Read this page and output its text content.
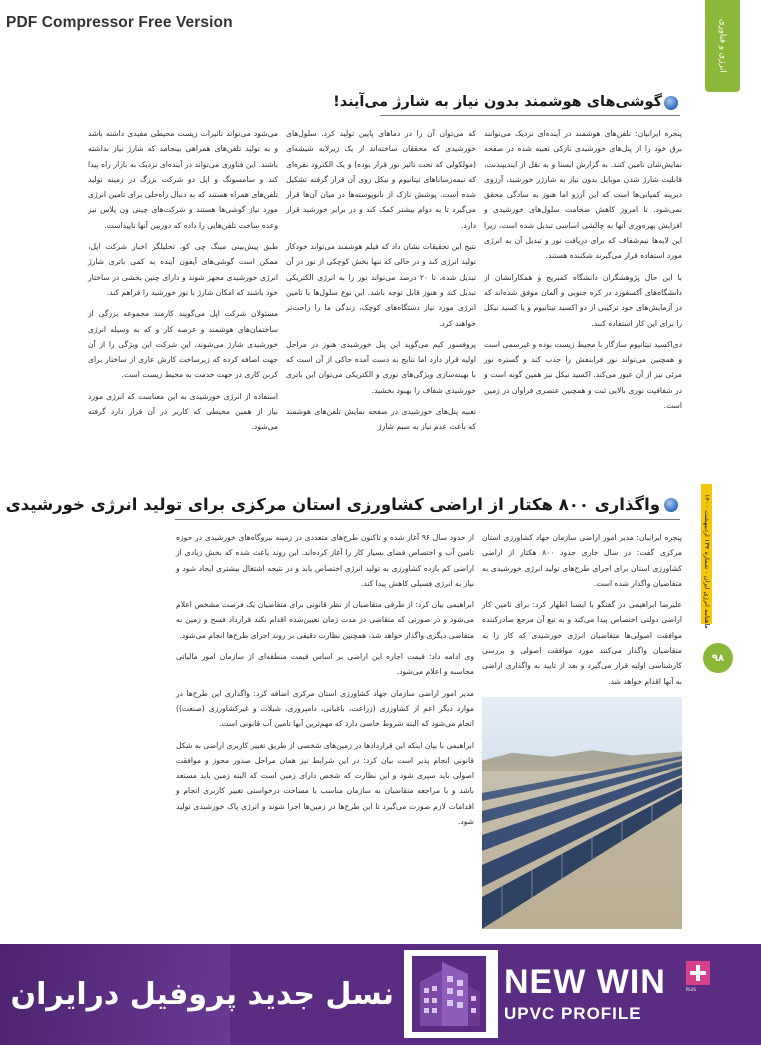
PDF Compressor Free Version	انرژی و فناوری
ماهنامه انرژی ایران - شماره ۱۳۴ اردیبهشت ۱۴۰۰
۹۸
گوشی‌های هوشمند بدون نیاز به شارژ می‌آیند!

پنجره ایرانیان: تلفن‌های هوشمند در آینده‌ای نزدیک می‌توانند برق خود را از پنل‌های خورشیدی نازکی تعبیه شده در صفحه نمایش‌شان تامین کنند. به گزارش ایسنا و به نقل از ایندیپندنت، قابلیت شارژ شدن موبایل بدون نیاز به شارژر خورشید، آرزوی دیرینه کمپانی‌ها است که این آرزو اما هنوز به سادگی محقق نمی‌شود. تا امروز کاهش ضخامت سلول‌های خورشیدی و افزایش بهره‌وری آنها به چالشی اساسی تبدیل شده است، زیرا این لایه‌ها نیم‌شفاف که برای دریافت نور و تبدیل آن به انرژی مورد استفاده قرار می‌گیرند شکننده هستند.

با این حال پژوهشگران دانشگاه کمبریج و همکارانشان از دانشگاه‌های آکسفورد در کره جنوبی و آلمان موفق شده‌اند که در آزمایش‌های خود ترکیبی از دو اکسید تیتانیوم و یا کسید نیکل را برای این کار استفاده کنند.

دی‌اکسید تیتانیوم سازگار با محیط زیست بوده و غیرسمی است و همچنین می‌تواند نور فرابنفش را جذب کند و گستره نور مرئی نیز از آن عبور می‌کند. اکسید نیکل نیز همین گونه است و در شفافیت نوری بالایی ثبت و همچنین عنصری فراوان در زمین است.

که می‌توان آن را در دماهای پایین تولید کرد. سلول‌های خورشیدی که محققان ساخته‌اند از یک زیرلایه شیشه‌ای (مولکولی که تحت تاثیر نور قرار بوده) و یک الکترود نقره‌ای که نیمه‌رسانا‌های تیتانیوم و نیکل روی آن قرار گرفته تشکیل شده است. پوشش نازک از نانوپوسته‌ها در میان آن‌ها قرار می‌گیرد تا به دوام بیشتر کمک کند و در برابر خورشید قرار دارد.

نتیج این تحقیقات نشان داد که فیلم هوشمند می‌تواند خودکار تولید انرژی کند و در حالی که تنها بخش کوچکی از نور در آن تبدیل شده، تا ۲۰ درصد می‌تواند نور را به انرژی الکتریکی تبدیل کند و هنوز قابل توجه باشد. این نوع سلول‌ها با تامین انرژی مورد نیاز دستگاه‌های کوچک، زندگی ما را راحت‌تر خواهند کرد.

پروفسور کیم می‌گوید این پنل خورشیدی هنوز در مراحل اولیه قرار دارد اما نتایج به دست آمده حاکی از آن است که با بهینه‌سازی ویژگی‌های نوری و الکتریکی می‌توان این باتری خورشیدی شفاف را بهبود بخشید.

تعبیه پنل‌های خورشیدی در صفحه نمایش تلفن‌های هوشمند که باعث عدم نیاز به سیم شارژ

می‌شود می‌تواند تاثیرات زیست محیطی مفیدی داشته باشد و به تولید تلفن‌های همراهی بینجامد که شارژ نیاز نداشته باشند. این فناوری می‌تواند در آینده‌ای نزدیک به بازار راه پیدا کند و سامسونگ و اپل دو شرکت بزرگ در زمینه تولید تلفن‌های همراه هستند که به دنبال راه‌حلی برای تامین انرژی مورد نیاز گوشی‌ها هستند و شرکت‌های چینی ون پلاس نیز وعده ساخت تلفن‌هایی را داده که دوربین آنها ناپیداست.

طبق پیش‌بینی مینگ چی کو، تحلیلگر اخبار شرکت اپل، ممکن است گوشی‌های آیفون آینده به کمی باتری شارژ انرژی خورشیدی مجهز شوند و دارای چنین بخشی در ساختار خود باشند که امکان شارژ با نور خورشید را فراهم کند.

مسئولان شرکت اپل می‌گویند کارمند مجموعه بزرگی از ساختمان‌های هوشمند و عرصه کار و که به وسیله انرژی خورشیدی شارژ می‌شوند، این شرکت این ویژگی را از آن جهت اضافه کرده که زیرساخت کارش عاری از ساختار برای کربن کاری در جهت خدمت به محیط زیست است.

استفاده از انرژی خورشیدی به این معناست که انرژی مورد نیاز از همین محیطی که کاربر در آن قرار دارد گرفته می‌شود.

واگذاری ۸۰۰ هکتار از اراضی کشاورزی استان مرکزی برای تولید انرژی خورشیدی

پنجره ایرانیان: مدیر امور اراضی سازمان جهاد کشاورزی استان مرکزی گفت: در سال جاری حدود ۸۰۰ هکتار از اراضی کشاورزی استان برای اجرای طرح‌های تولید انرژی خورشیدی به متقاضیان واگذار شده است.

علیرضا ابراهیمی در گفتگو با ایسنا اظهار کرد: برای تامین کار اراضی دولتی اختصاص پیدا می‌کند و به تبع آن مرجع صادرکننده موافقت اصولی‌ها متقاضیان انرژی خورشیدی که کار را به متقاضیان واگذار می‌کنند مورد موافقت اصولی و بررسی کارشناسی اولیه قرار می‌گیرد و بعد از تایید به واگذاری اراضی به آنها اقدام خواهد شد.

از حدود سال ۹۶ آغاز شده و تاکنون طرح‌های متعددی در زمینه نیروگاه‌های خورشیدی در حوزه تامین آب و اختصاص فضای بسیار کار را آغاز کرده‌اند. این روند باعث شده که بخش زیادی از اراضی کم بازده کشاورزی به تولید انرژی اختصاص یابد و در نتیجه اشتغال بیشتری ایجاد شود و نیاز به انرژی فسیلی کاهش پیدا کند.

ابراهیمی بیان کرد: از طرفی متقاضیان از نظر قانونی برای متقاضیان یک فرصت مشخص اعلام می‌شود و در صورتی که متقاضی در مدت زمان تعیین‌شده اقدام نکند قرارداد فسخ و زمین به متقاضی دیگری واگذار خواهد شد، همچنین نظارت دقیقی بر روند اجرای طرح‌ها انجام می‌شود.

وی ادامه داد: قیمت اجاره این اراضی بر اساس قیمت منطقه‌ای از سازمان امور مالیاتی محاسبه و اعلام می‌شود.

مدیر امور اراضی سازمان جهاد کشاورزی استان مرکزی اضافه کرد: واگذاری این طرح‌ها در موارد دیگر اعم از کشاورزی (زراعت، باغبانی، دامپروری، شیلات و غیرکشاورزی (صنعت)) انجام می‌شود که البته شروط خاصی دارد که مهم‌ترین آنها تامین آب قانونی است.

ابراهیمی با بیان اینکه این قراردادها در زمین‌های شخصی از طریق تغییر کاربری اراضی به شکل قانونی انجام پذیر است بیان کرد: در این شرایط نیز همان مراحل صدور مجوز و موافقت اصولی باید سپری شود و این نظارت که شخص دارای زمین است که البته زمین باید مستعد باشد و با مراجعه متقاضیان به سازمان مناسب با مساحت درخواستی تغییر کاربری انجام و اقدامات لازم صورت می‌گیرد تا این طرح‌ها در زمین‌ها اجرا شوند و انرژی پاک خورشیدی تولید شود.

NEW WIN	PLUS
UPVC PROFILE
نسل جدید پروفیل درایران
